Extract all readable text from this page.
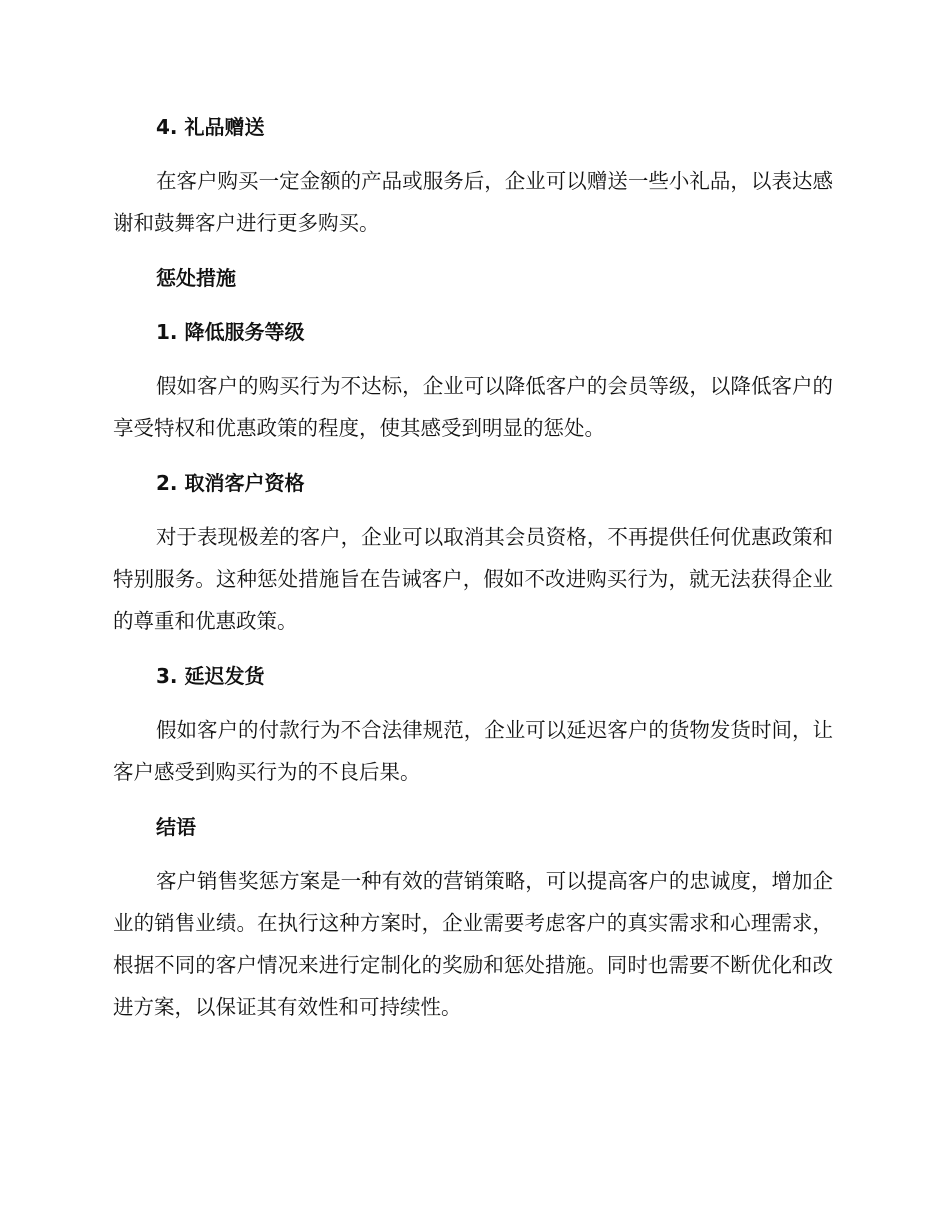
4. 礼品赠送

在客户购买一定金额的产品或服务后，企业可以赠送一些小礼品，以表达感谢和鼓舞客户进行更多购买。

惩处措施
1. 降低服务等级

假如客户的购买行为不达标，企业可以降低客户的会员等级，以降低客户的享受特权和优惠政策的程度，使其感受到明显的惩处。

2. 取消客户资格

对于表现极差的客户，企业可以取消其会员资格，不再提供任何优惠政策和特别服务。这种惩处措施旨在告诫客户，假如不改进购买行为，就无法获得企业的尊重和优惠政策。

3. 延迟发货

假如客户的付款行为不合法律规范，企业可以延迟客户的货物发货时间，让客户感受到购买行为的不良后果。

结语

客户销售奖惩方案是一种有效的营销策略，可以提高客户的忠诚度，增加企业的销售业绩。在执行这种方案时，企业需要考虑客户的真实需求和心理需求，根据不同的客户情况来进行定制化的奖励和惩处措施。同时也需要不断优化和改进方案，以保证其有效性和可持续性。
